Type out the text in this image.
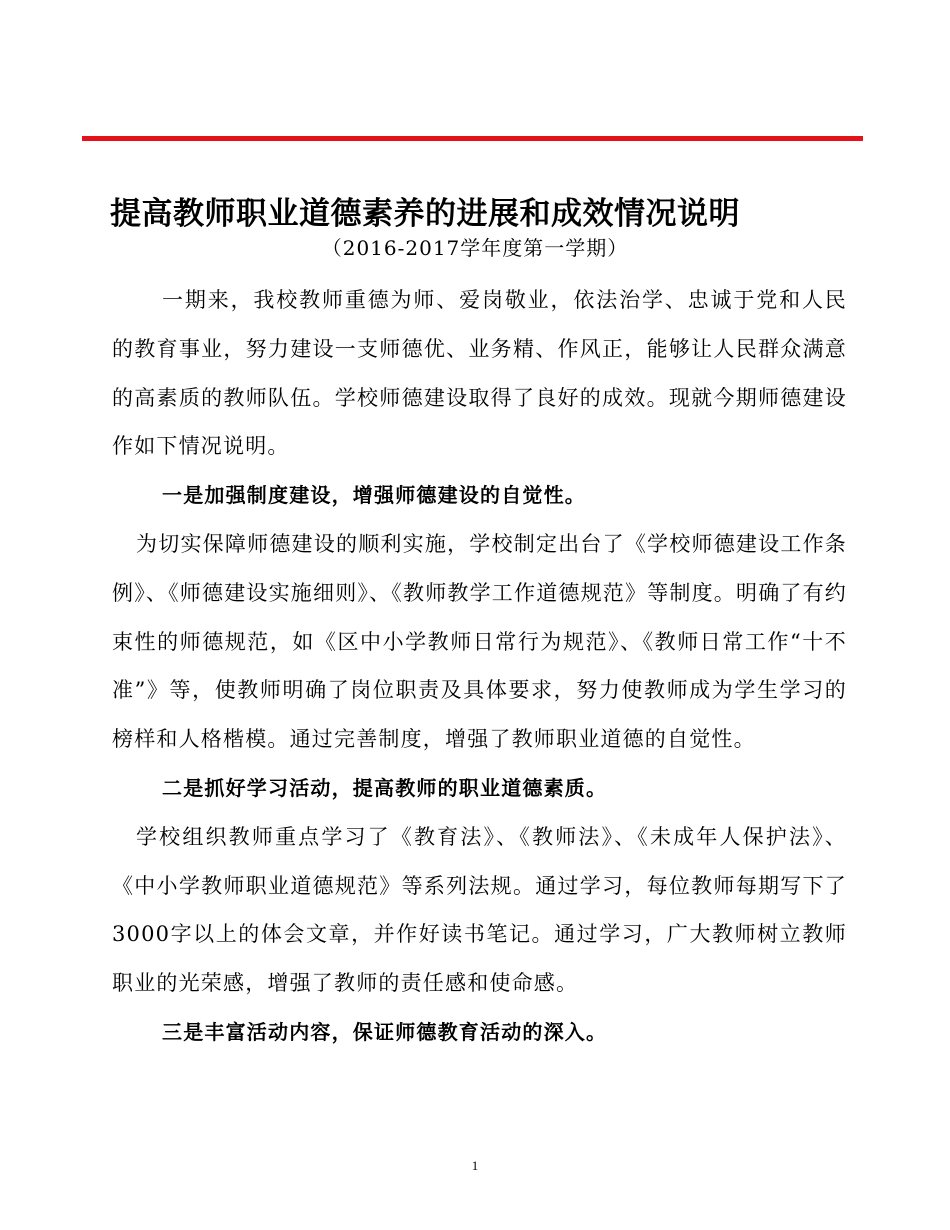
提高教师职业道德素养的进展和成效情况说明
（2016-2017学年度第一学期）

一期来，我校教师重德为师、爱岗敬业，依法治学、忠诚于党和人民的教育事业，努力建设一支师德优、业务精、作风正，能够让人民群众满意的高素质的教师队伍。学校师德建设取得了良好的成效。现就今期师德建设作如下情况说明。

一是加强制度建设，增强师德建设的自觉性。

为切实保障师德建设的顺利实施，学校制定出台了《学校师德建设工作条例》、《师德建设实施细则》、《教师教学工作道德规范》等制度。明确了有约束性的师德规范，如《区中小学教师日常行为规范》、《教师日常工作“十不准”》等，使教师明确了岗位职责及具体要求，努力使教师成为学生学习的榜样和人格楷模。通过完善制度，增强了教师职业道德的自觉性。

二是抓好学习活动，提高教师的职业道德素质。

学校组织教师重点学习了《教育法》、《教师法》、《未成年人保护法》、《中小学教师职业道德规范》等系列法规。通过学习，每位教师每期写下了3000字以上的体会文章，并作好读书笔记。通过学习，广大教师树立教师职业的光荣感，增强了教师的责任感和使命感。

三是丰富活动内容，保证师德教育活动的深入。

1
